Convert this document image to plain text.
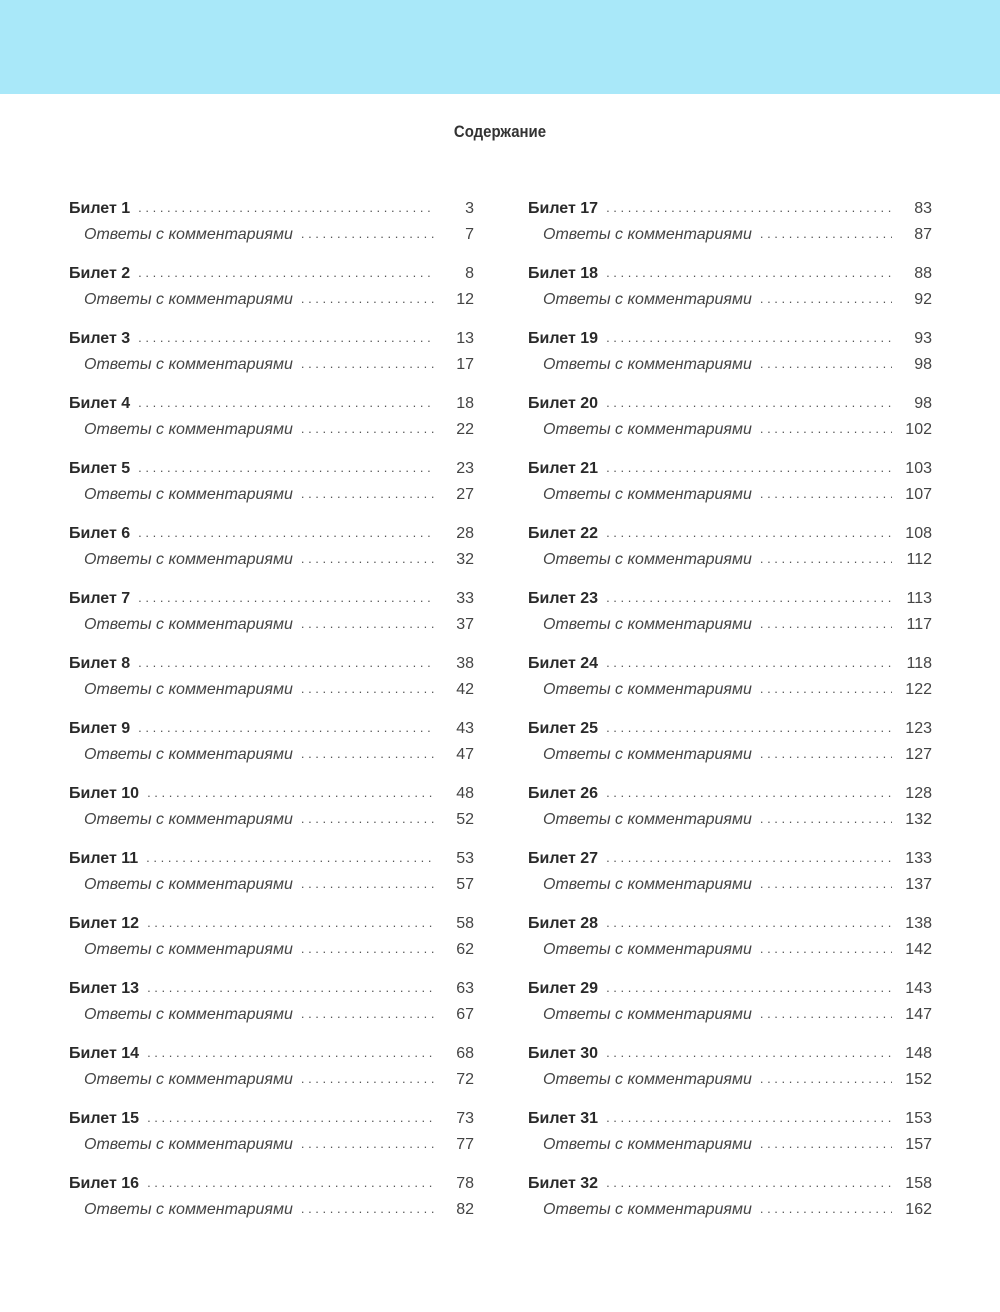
Содержание
Билет 1 . . .	3
Ответы с комментариями . . .	7
Билет 2 . . .	8
Ответы с комментариями . . .	12
Билет 3 . . .	13
Ответы с комментариями . . .	17
Билет 4 . . .	18
Ответы с комментариями . . .	22
Билет 5 . . .	23
Ответы с комментариями . . .	27
Билет 6 . . .	28
Ответы с комментариями . . .	32
Билет 7 . . .	33
Ответы с комментариями . . .	37
Билет 8 . . .	38
Ответы с комментариями . . .	42
Билет 9 . . .	43
Ответы с комментариями . . .	47
Билет 10 . . .	48
Ответы с комментариями . . .	52
Билет 11 . . .	53
Ответы с комментариями . . .	57
Билет 12 . . .	58
Ответы с комментариями . . .	62
Билет 13 . . .	63
Ответы с комментариями . . .	67
Билет 14 . . .	68
Ответы с комментариями . . .	72
Билет 15 . . .	73
Ответы с комментариями . . .	77
Билет 16 . . .	78
Ответы с комментариями . . .	82
Билет 17 . . .	83
Ответы с комментариями . . .	87
Билет 18 . . .	88
Ответы с комментариями . . .	92
Билет 19 . . .	93
Ответы с комментариями . . .	98
Билет 20 . . .	98
Ответы с комментариями . . .	102
Билет 21 . . .	103
Ответы с комментариями . . .	107
Билет 22 . . .	108
Ответы с комментариями . . .	112
Билет 23 . . .	113
Ответы с комментариями . . .	117
Билет 24 . . .	118
Ответы с комментариями . . .	122
Билет 25 . . .	123
Ответы с комментариями . . .	127
Билет 26 . . .	128
Ответы с комментариями . . .	132
Билет 27 . . .	133
Ответы с комментариями . . .	137
Билет 28 . . .	138
Ответы с комментариями . . .	142
Билет 29 . . .	143
Ответы с комментариями . . .	147
Билет 30 . . .	148
Ответы с комментариями . . .	152
Билет 31 . . .	153
Ответы с комментариями . . .	157
Билет 32 . . .	158
Ответы с комментариями . . .	162
